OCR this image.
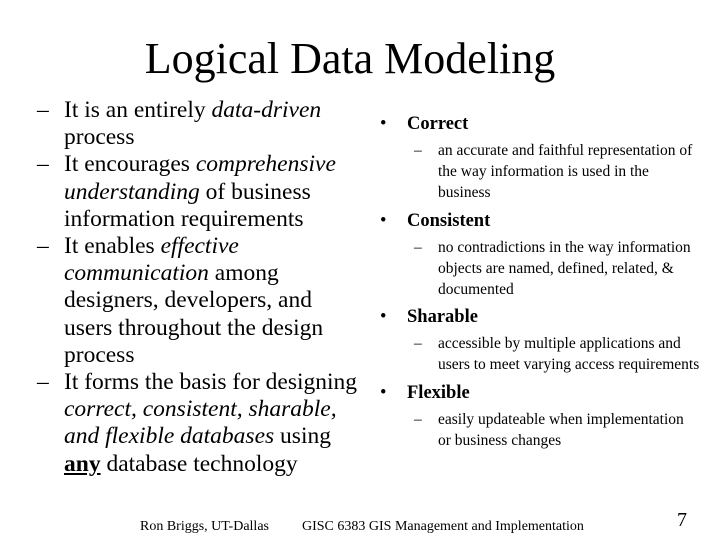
Logical Data Modeling
– It is an entirely data-driven process
– It encourages comprehensive understanding of business information requirements
– It enables effective communication among designers, developers, and users throughout the design process
– It forms the basis for designing correct, consistent, sharable, and flexible databases using any database technology
• Correct
– an accurate and faithful representation of the way information is used in the business
• Consistent
– no contradictions in the way information objects are named, defined, related, & documented
• Sharable
– accessible by multiple applications and users to meet varying access requirements
• Flexible
– easily updateable when implementation or business changes
Ron Briggs, UT-Dallas GISC 6383 GIS Management and Implementation	7
